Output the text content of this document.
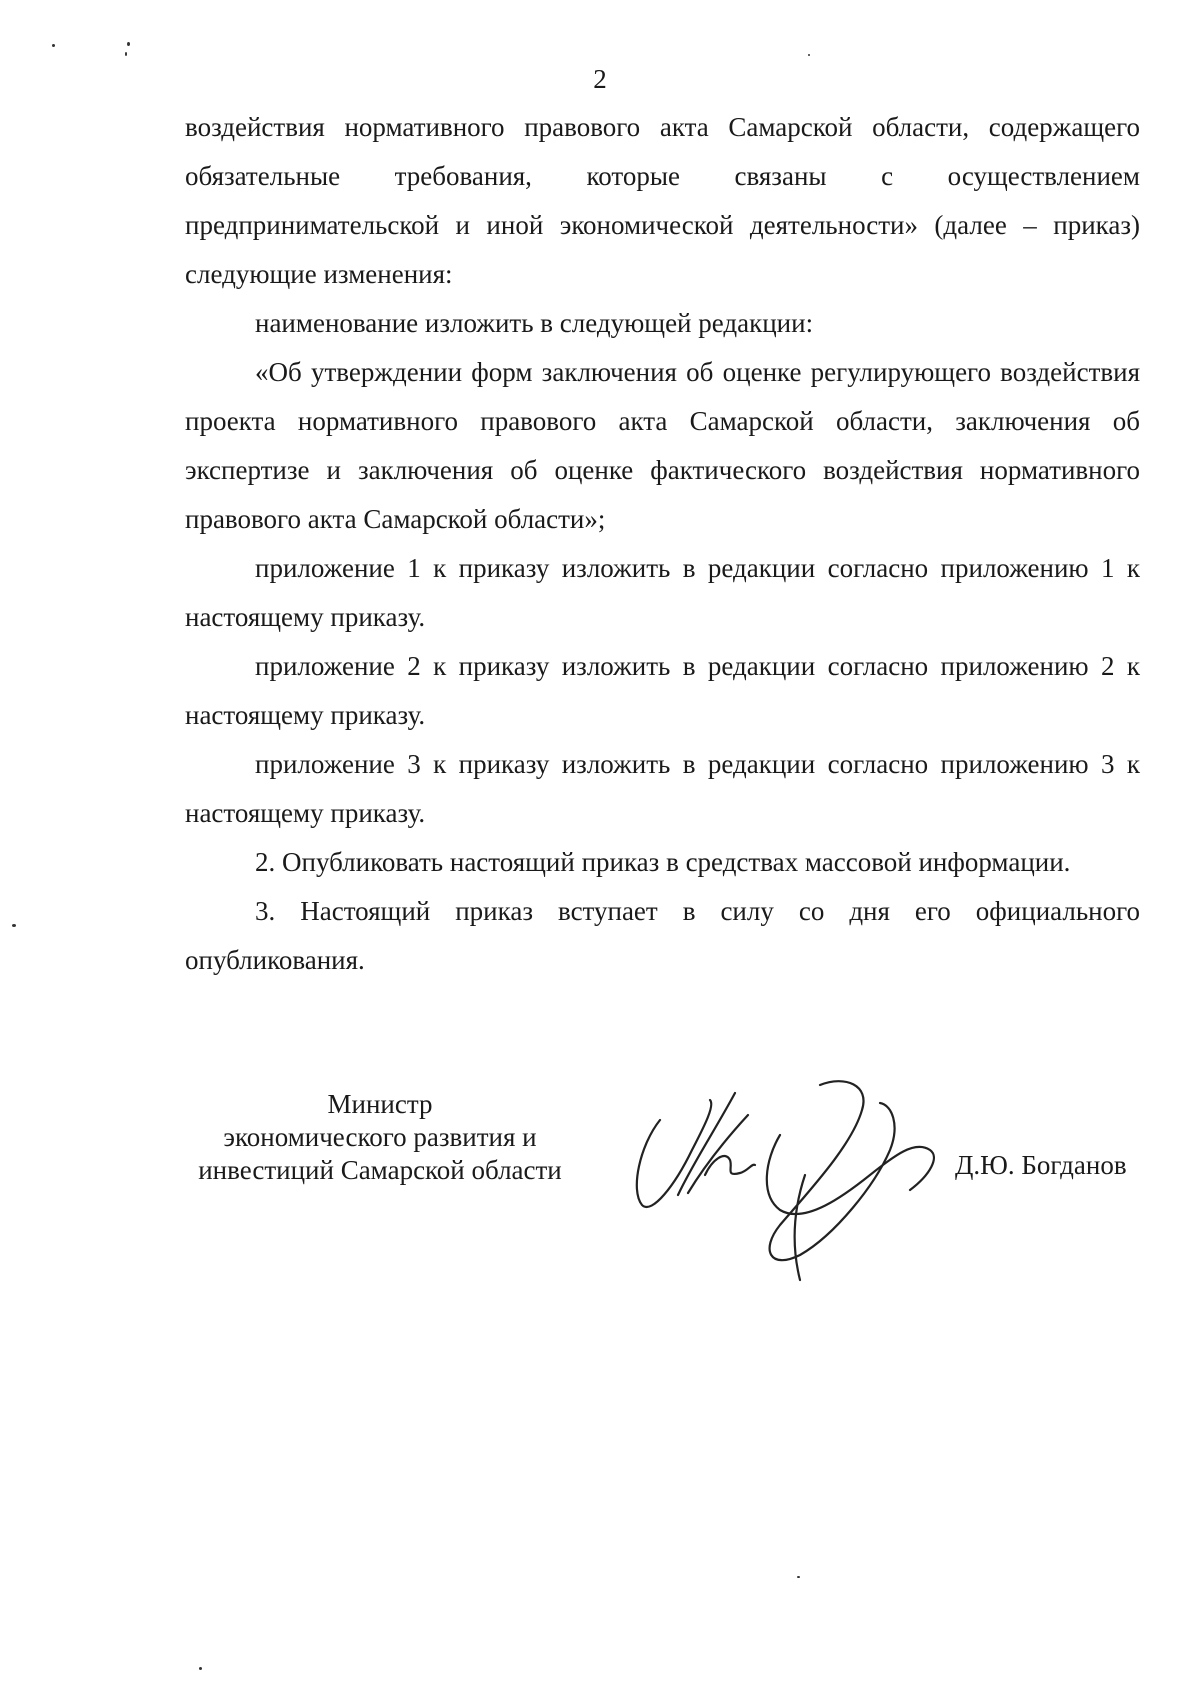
2

воздействия нормативного правового акта Самарской области, содержащего обязательные требования, которые связаны с осуществлением предпринимательской и иной экономической деятельности» (далее – приказ) следующие изменения:

наименование изложить в следующей редакции:

«Об утверждении форм заключения об оценке регулирующего воздействия проекта нормативного правового акта Самарской области, заключения об экспертизе и заключения об оценке фактического воздействия нормативного правового акта Самарской области»;

приложение 1 к приказу изложить в редакции согласно приложению 1 к настоящему приказу.

приложение 2 к приказу изложить в редакции согласно приложению 2 к настоящему приказу.

приложение 3 к приказу изложить в редакции согласно приложению 3 к настоящему приказу.

2. Опубликовать настоящий приказ в средствах массовой информации.

3. Настоящий приказ вступает в силу со дня его официального опубликования.

Министр
экономического развития и
инвестиций Самарской области	Д.Ю. Богданов
